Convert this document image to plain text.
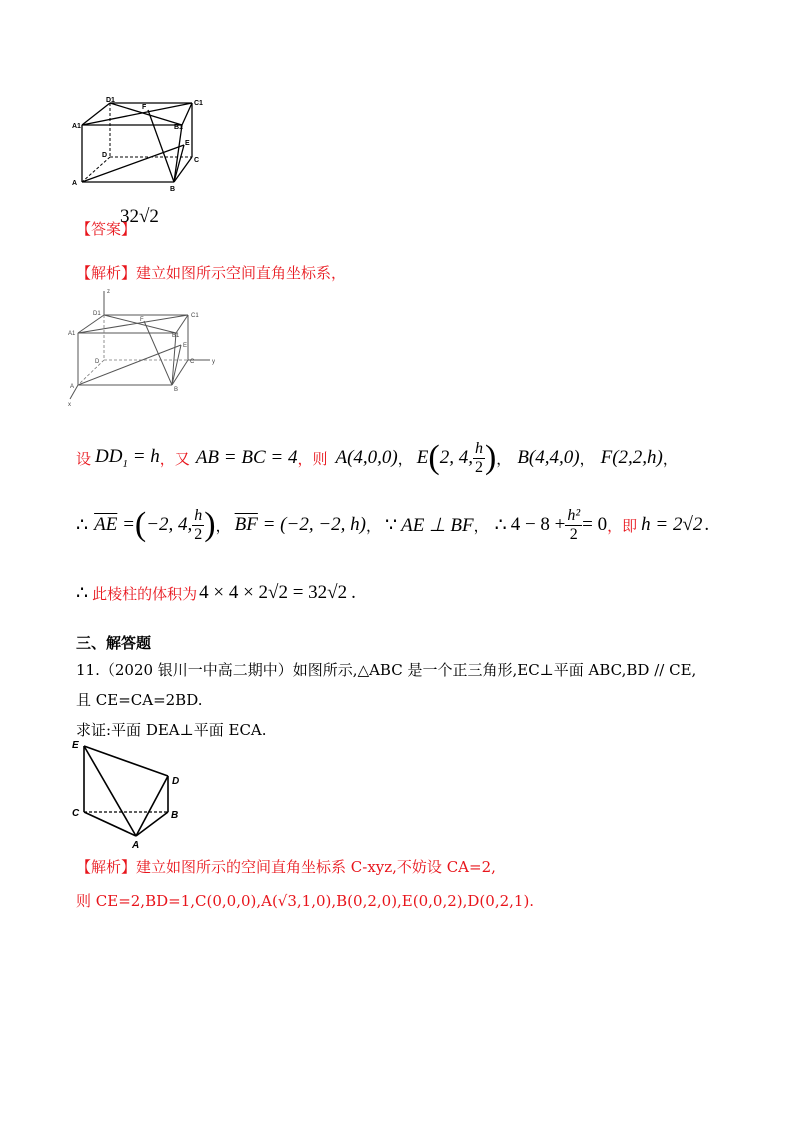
D1	C1
A1
F
B1
D
E
C
A
B
【答案】
32√2
【解析】建立如图所示空间直角坐标系，
z
D1	C1
F
B1
A1
E
D	C	y
A	B
x
设 $DD_1 = h$ ， 又 AB = BC = 4 ， 则 A(4,0,0) ， E ( 2, 4, $\frac{h}{2}$ ) ， B(4,4,0) ， F(2,2,h) ，
∴ $\overline{AE}$ = ( −2, 4, $\frac{h}{2}$ ) ， $\overline{BF} = (-2$, −2, h) ， ∵ AE ⊥ BF ， ∴ $4 - 8 + \frac{\text{h²}}{2} = 0$ ， 即 h = 2√2 .
∴ 此棱柱的体积为 4 × 4 × 2√2 = 32√2 .
三、解答题
11.（2020 银川一中高二期中）如图所示,△ABC 是一个正三角形,EC⊥平面 ABC,BD // CE,
且 CE=CA=2BD.
求证:平面 DEA⊥平面 ECA.
E
D
C	B
A
【解析】建立如图所示的空间直角坐标系 C-xyz,不妨设 CA=2,
则 CE=2,BD=1,C(0,0,0),A(√3,1,0),B(0,2,0),E(0,0,2),D(0,2,1).
